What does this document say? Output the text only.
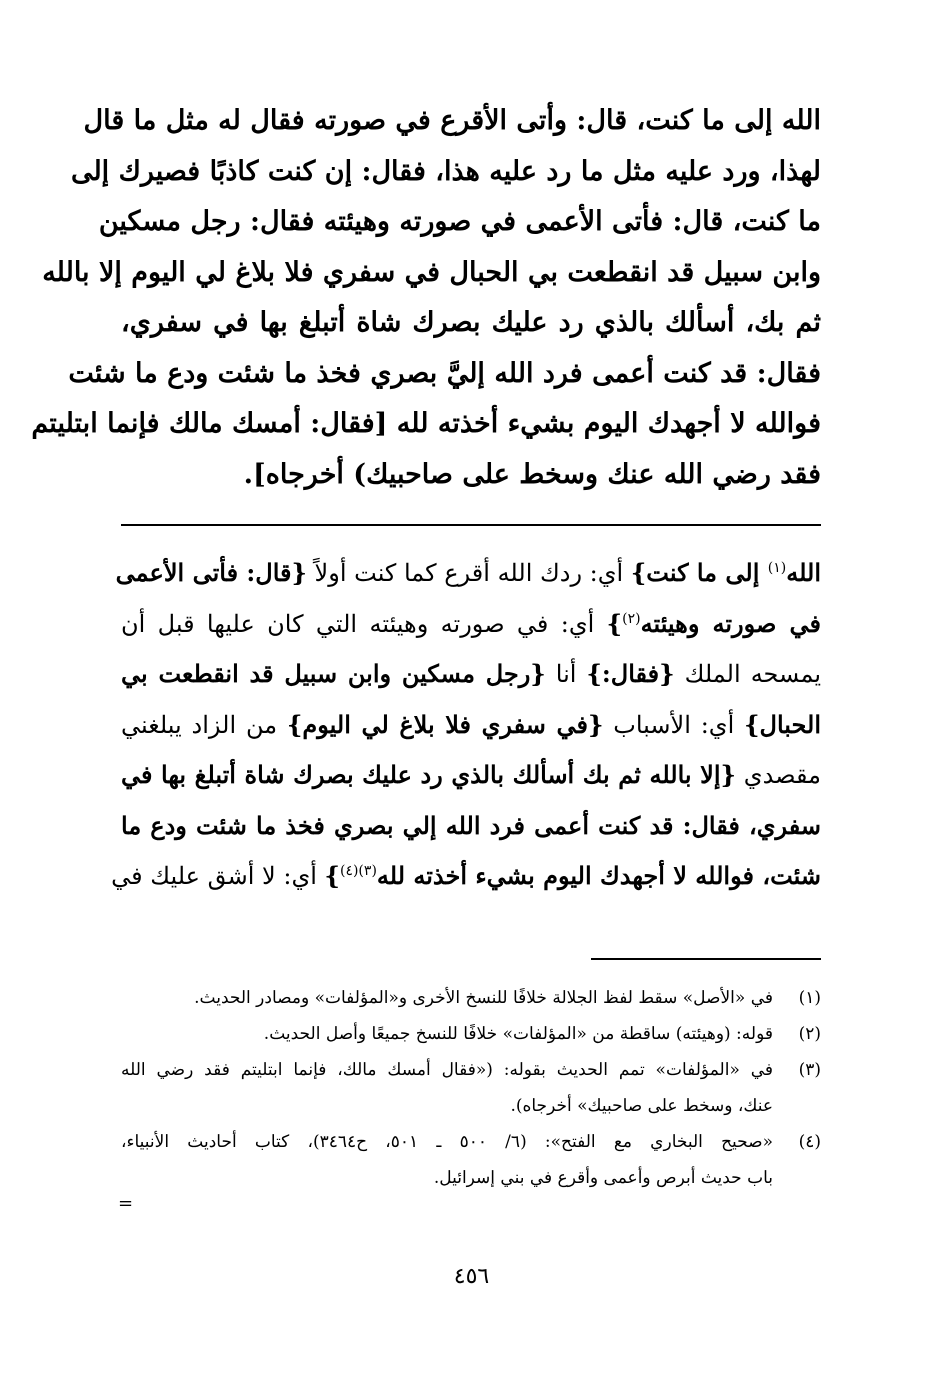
الله إلى ما كنت، قال: وأتى الأقرع في صورته فقال له مثل ما قال
لهذا، ورد عليه مثل ما رد عليه هذا، فقال: إن كنت كاذبًا فصيرك إلى
ما كنت، قال: فأتى الأعمى في صورته وهيئته فقال: رجل مسكين
وابن سبيل قد انقطعت بي الحبال في سفري فلا بلاغ لي اليوم إلا بالله
ثم بك، أسألك بالذي رد عليك بصرك شاة أتبلغ بها في سفري،
فقال: قد كنت أعمى فرد الله إليَّ بصري فخذ ما شئت ودع ما شئت
فوالله لا أجهدك اليوم بشيء أخذته لله [فقال: أمسك مالك فإنما ابتليتم
فقد رضي الله عنك وسخط على صاحبيك) أخرجاه].
الله$^{(١)}$ إلى ما كنت} أي: ردك الله أقرع كما كنت أولاً {قال: فأتى الأعمى
في صورته وهيئته$^{(٢)}$} أي: في صورته وهيئته التي كان عليها قبل أن
يمسحه الملك {فقال:} أنا {رجل مسكين وابن سبيل قد انقطعت بي
الحبال} أي: الأسباب {في سفري فلا بلاغ لي اليوم} من الزاد يبلغني
مقصدي {إلا بالله ثم بك أسألك بالذي رد عليك بصرك شاة أتبلغ بها في
سفري، فقال: قد كنت أعمى فرد الله إلي بصري فخذ ما شئت ودع ما
شئت، فوالله لا أجهدك اليوم بشيء أخذته لله$^{(٣)(٤)}$} أي: لا أشق عليك في
(١)
في «الأصل» سقط لفظ الجلالة خلافًا للنسخ الأخرى و«المؤلفات» ومصادر الحديث.
(٢)
قوله: (وهيئته) ساقطة من «المؤلفات» خلافًا للنسخ جميعًا وأصل الحديث.
(٣)
في «المؤلفات» تمم الحديث بقوله: («فقال أمسك مالك، فإنما ابتليتم فقد رضي الله
عنك، وسخط على صاحبيك» أخرجاه).
(٤)
«صحيح البخاري مع الفتح»: (٦/ ٥٠٠ ـ ٥٠١، ح٣٤٦٤)، كتاب أحاديث الأنبياء،
باب حديث أبرص وأعمى وأقرع في بني إسرائيل.
=
٤٥٦
